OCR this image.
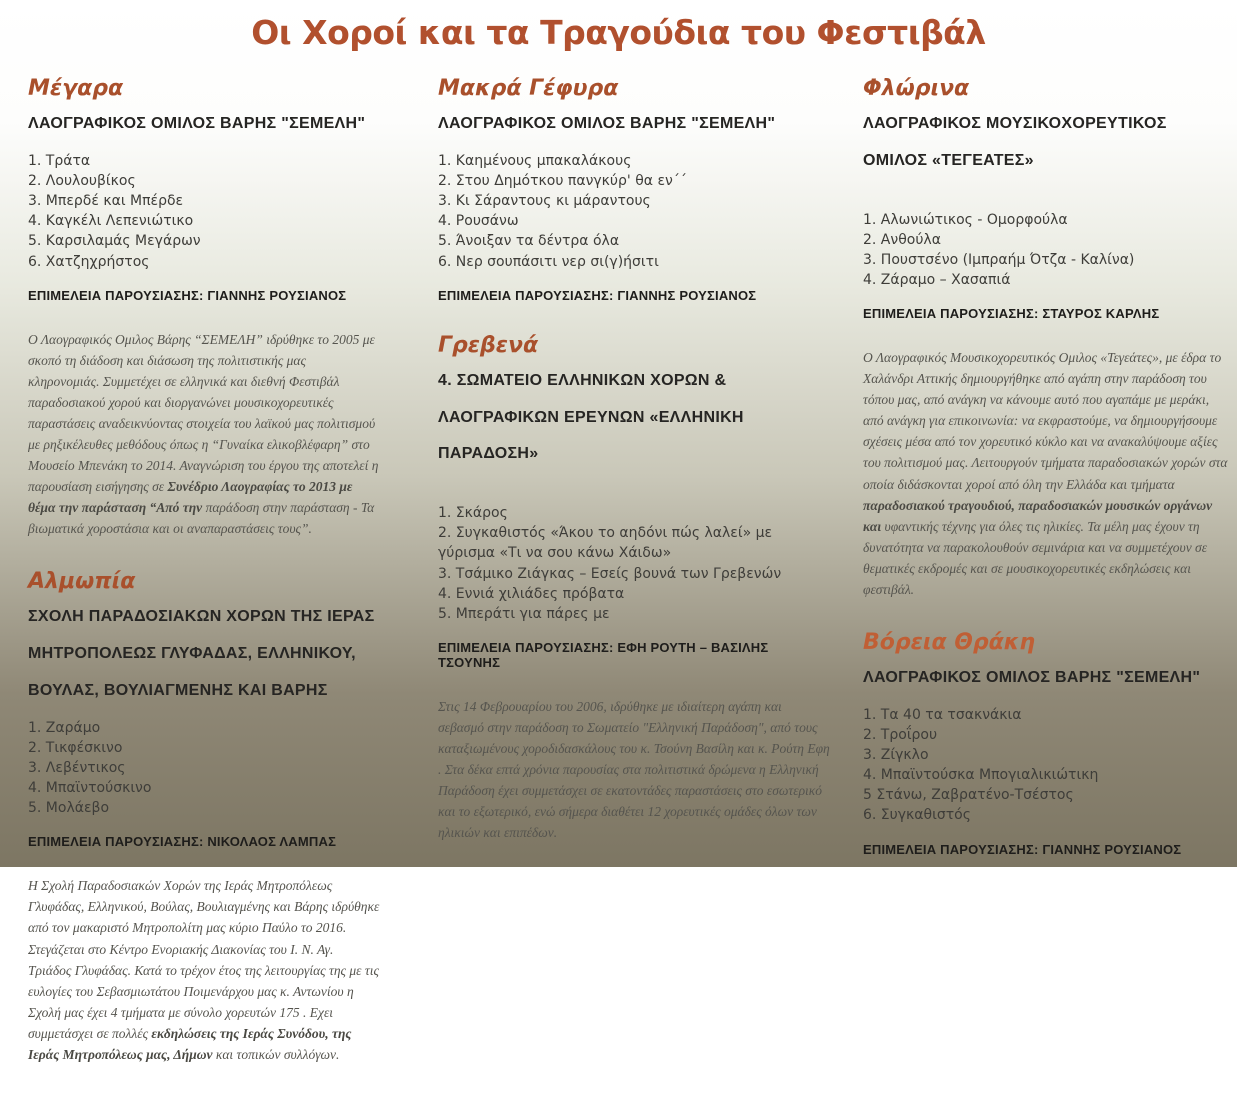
Οι Χοροί και τα Τραγούδια του Φεστιβάλ
Μέγαρα
ΛΑΟΓΡΑΦΙΚΟΣ ΟΜΙΛΟΣ ΒΑΡΗΣ "ΣΕΜΕΛΗ"
1. Τράτα
2. Λουλουβίκος
3. Μπερδέ και Μπέρδε
4. Καγκέλι Λεπενιώτικο
5. Καρσιλαμάς Μεγάρων
6. Χατζηχρήστος
ΕΠΙΜΕΛΕΙΑ ΠΑΡΟΥΣΙΑΣΗΣ: ΓΙΑΝΝΗΣ ΡΟΥΣΙΑΝΟΣ

Ο Λαογραφικός Ομιλος Βάρης “ΣΕΜΕΛΗ” ιδρύθηκε το 2005 με σκοπό τη διάδοση και διάσωση της πολιτιστικής μας κληρονομιάς. Συμμετέχει σε ελληνικά και διεθνή Φεστιβάλ παραδοσιακού χορού και διοργανώνει μουσικοχορευτικές παραστάσεις αναδεικνύοντας στοιχεία του λαϊκού μας πολιτισμού με ρηξικέλευθες μεθόδους όπως η “Γυναίκα ελικοβλέφαρη” στο Μουσείο Μπενάκη το 2014. Αναγνώριση του έργου της αποτελεί η παρουσίαση εισήγησης σε Συνέδριο Λαογραφίας το 2013 με θέμα την παράσταση “Από την παράδοση στην παράσταση - Τα βιωματικά χοροστάσια και οι αναπαραστάσεις τους”.

Αλμωπία
ΣΧΟΛΗ ΠΑΡΑΔΟΣΙΑΚΩΝ ΧΟΡΩΝ ΤΗΣ ΙΕΡΑΣ ΜΗΤΡΟΠΟΛΕΩΣ ΓΛΥΦΑΔΑΣ, ΕΛΛΗΝΙΚΟΥ, ΒΟΥΛΑΣ, ΒΟΥΛΙΑΓΜΕΝΗΣ ΚΑΙ ΒΑΡΗΣ
1. Ζαράμο
2. Τικφέσκινο
3. Λεβέντικος
4. Μπαϊντούσκινο
5. Μολάεβο
ΕΠΙΜΕΛΕΙΑ ΠΑΡΟΥΣΙΑΣΗΣ: ΝΙΚΟΛΑΟΣ ΛΑΜΠΑΣ

Η Σχολή Παραδοσιακών Χορών της Ιεράς Μητροπόλεως Γλυφάδας, Ελληνικού, Βούλας, Βουλιαγμένης και Βάρης ιδρύθηκε από τον μακαριστό Μητροπολίτη μας κύριο Παύλο το 2016. Στεγάζεται στο Κέντρο Ενοριακής Διακονίας του Ι. Ν. Αγ. Τριάδος Γλυφάδας. Κατά το τρέχον έτος της λειτουργίας της με τις ευλογίες του Σεβασμιωτάτου Ποιμενάρχου μας κ. Αντωνίου η Σχολή μας έχει 4 τμήματα με σύνολο χορευτών 175 . Εχει συμμετάσχει σε πολλές εκδηλώσεις της Ιεράς Συνόδου, της Ιεράς Μητροπόλεως μας, Δήμων και τοπικών συλλόγων.

Μακρά Γέφυρα
ΛΑΟΓΡΑΦΙΚΟΣ ΟΜΙΛΟΣ ΒΑΡΗΣ "ΣΕΜΕΛΗ"
1. Καημένους μπακαλάκους
2. Στου Δημότκου πανγκύρ' θα εν΄΄
3. Κι Σάραντους κι μάραντους
4. Ρουσάνω
5. Άνοιξαν τα δέντρα όλα
6. Νερ σουπάσιτι νερ σι(γ)ήσιτι
ΕΠΙΜΕΛΕΙΑ ΠΑΡΟΥΣΙΑΣΗΣ: ΓΙΑΝΝΗΣ ΡΟΥΣΙΑΝΟΣ
Γρεβενά
4. ΣΩΜΑΤΕΙΟ ΕΛΛΗΝΙΚΩΝ ΧΟΡΩΝ & ΛΑΟΓΡΑΦΙΚΩΝ ΕΡΕΥΝΩΝ «ΕΛΛΗΝΙΚΗ ΠΑΡΑΔΟΣΗ»
1. Σκάρος
2. Συγκαθιστός «Άκου το αηδόνι πώς λαλεί» με γύρισμα «Τι να σου κάνω Χάιδω»
3. Τσάμικο Ζιάγκας – Εσείς βουνά των Γρεβενών
4. Εννιά χιλιάδες πρόβατα
5. Μπεράτι για πάρες με
ΕΠΙΜΕΛΕΙΑ ΠΑΡΟΥΣΙΑΣΗΣ: ΕΦΗ ΡΟΥΤΗ – ΒΑΣΙΛΗΣ ΤΣΟΥΝΗΣ

Στις 14 Φεβρουαρίου του 2006, ιδρύθηκε με ιδιαίτερη αγάπη και σεβασμό στην παράδοση το Σωματείο "Ελληνική Παράδοση", από τους καταξιωμένους χοροδιδασκάλους του κ. Τσούνη Βασίλη και κ. Ρούτη Εφη . Στα δέκα επτά χρόνια παρουσίας στα πολιτιστικά δρώμενα η Ελληνική Παράδοση έχει συμμετάσχει σε εκατοντάδες παραστάσεις στο εσωτερικό και το εξωτερικό, ενώ σήμερα διαθέτει 12 χορευτικές ομάδες όλων των ηλικιών και επιπέδων.

Φλώρινα
ΛΑΟΓΡΑΦΙΚΟΣ ΜΟΥΣΙΚΟΧΟΡΕΥΤΙΚΟΣ ΟΜΙΛΟΣ «ΤΕΓΕΑΤΕΣ»
1. Αλωνιώτικος - Ομορφούλα
2. Ανθούλα
3. Πουστσένο (Ιμπραήμ Ότζα - Καλίνα)
4. Ζάραμο – Χασαπιά
ΕΠΙΜΕΛΕΙΑ ΠΑΡΟΥΣΙΑΣΗΣ: ΣΤΑΥΡΟΣ ΚΑΡΛΗΣ

Ο Λαογραφικός Μουσικοχορευτικός Ομιλος «Τεγεάτες», με έδρα το Χαλάνδρι Αττικής δημιουργήθηκε από αγάπη στην παράδοση του τόπου μας, από ανάγκη να κάνουμε αυτό που αγαπάμε με μεράκι, από ανάγκη για επικοινωνία: να εκφραστούμε, να δημιουργήσουμε σχέσεις μέσα από τον χορευτικό κύκλο και να ανακαλύψουμε αξίες του πολιτισμού μας. Λειτουργούν τμήματα παραδοσιακών χορών στα οποία διδάσκονται χοροί από όλη την Ελλάδα και τμήματα παραδοσιακού τραγουδιού, παραδοσιακών μουσικών οργάνων και υφαντικής τέχνης για όλες τις ηλικίες. Τα μέλη μας έχουν τη δυνατότητα να παρακολουθούν σεμινάρια και να συμμετέχουν σε θεματικές εκδρομές και σε μουσικοχορευτικές εκδηλώσεις και φεστιβάλ.

Βόρεια Θράκη
ΛΑΟΓΡΑΦΙΚΟΣ ΟΜΙΛΟΣ ΒΑΡΗΣ "ΣΕΜΕΛΗ"
1. Τα 40 τα τσακνάκια
2. Τροΐρου
3. Ζίγκλο
4. Μπαϊντούσκα Μπογιαλικιώτικη
5 Στάνω, Ζαβρατένο-Τσέστος
6. Συγκαθιστός
ΕΠΙΜΕΛΕΙΑ ΠΑΡΟΥΣΙΑΣΗΣ: ΓΙΑΝΝΗΣ ΡΟΥΣΙΑΝΟΣ
